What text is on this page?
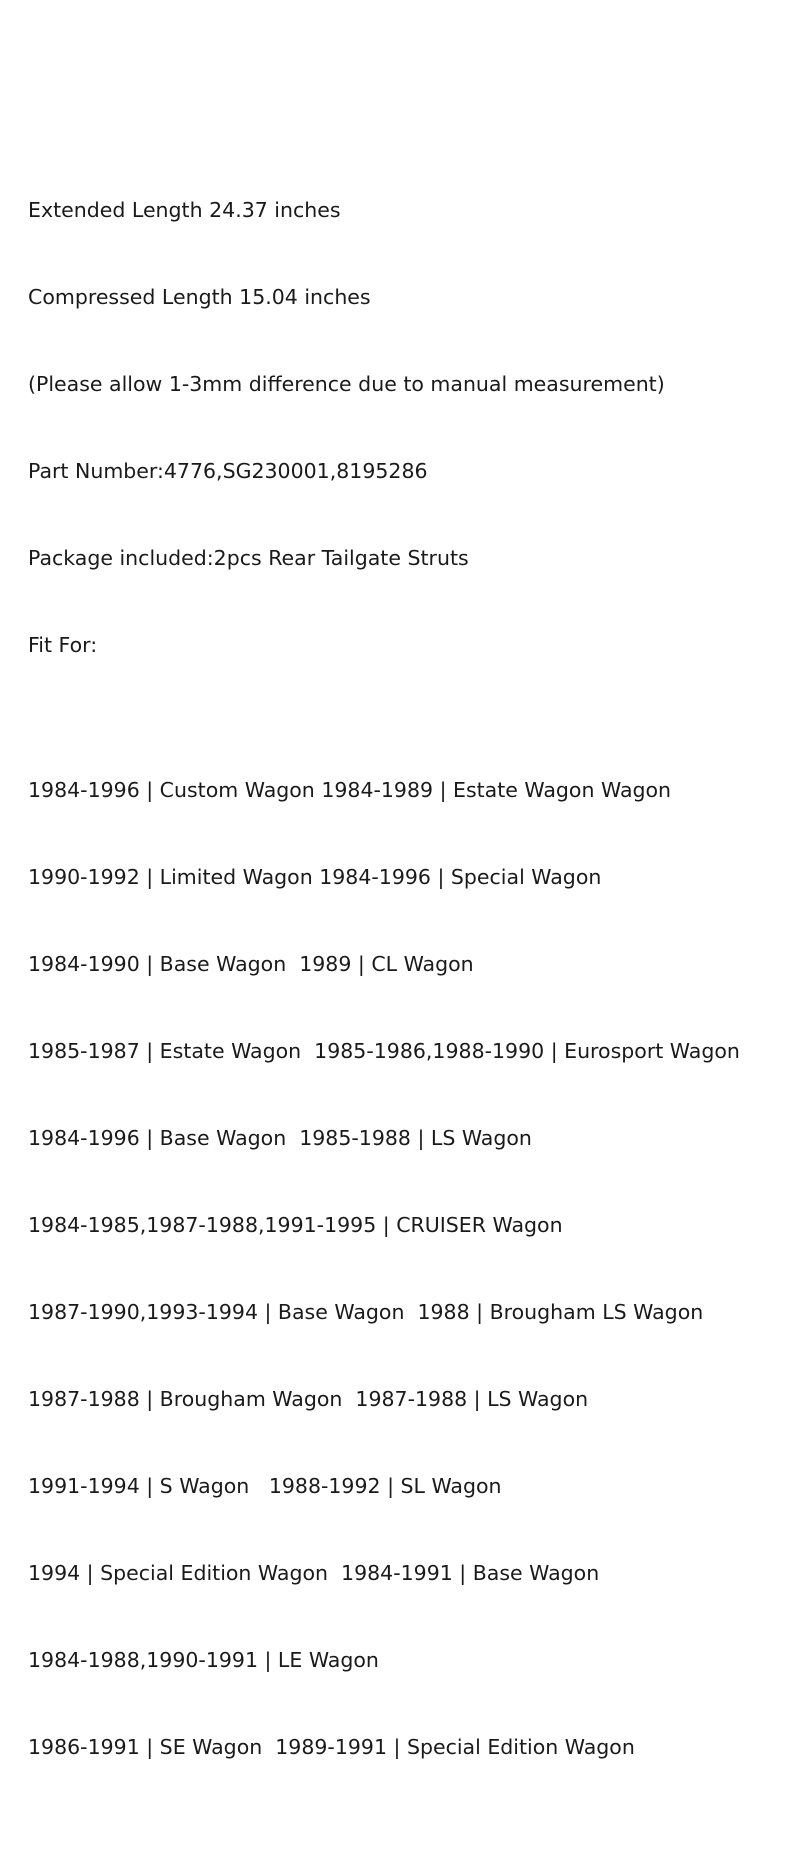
Extended Length 24.37 inches

Compressed Length 15.04 inches

(Please allow 1-3mm difference due to manual measurement)

Part Number:4776,SG230001,8195286

Package included:2pcs Rear Tailgate Struts

Fit For:

1984-1996 | Custom Wagon 1984-1989 | Estate Wagon Wagon

1990-1992 | Limited Wagon 1984-1996 | Special Wagon

1984-1990 | Base Wagon  1989 | CL Wagon

1985-1987 | Estate Wagon  1985-1986,1988-1990 | Eurosport Wagon

1984-1996 | Base Wagon  1985-1988 | LS Wagon

1984-1985,1987-1988,1991-1995 | CRUISER Wagon

1987-1990,1993-1994 | Base Wagon  1988 | Brougham LS Wagon

1987-1988 | Brougham Wagon  1987-1988 | LS Wagon

1991-1994 | S Wagon   1988-1992 | SL Wagon

1994 | Special Edition Wagon  1984-1991 | Base Wagon

1984-1988,1990-1991 | LE Wagon

1986-1991 | SE Wagon  1989-1991 | Special Edition Wagon
